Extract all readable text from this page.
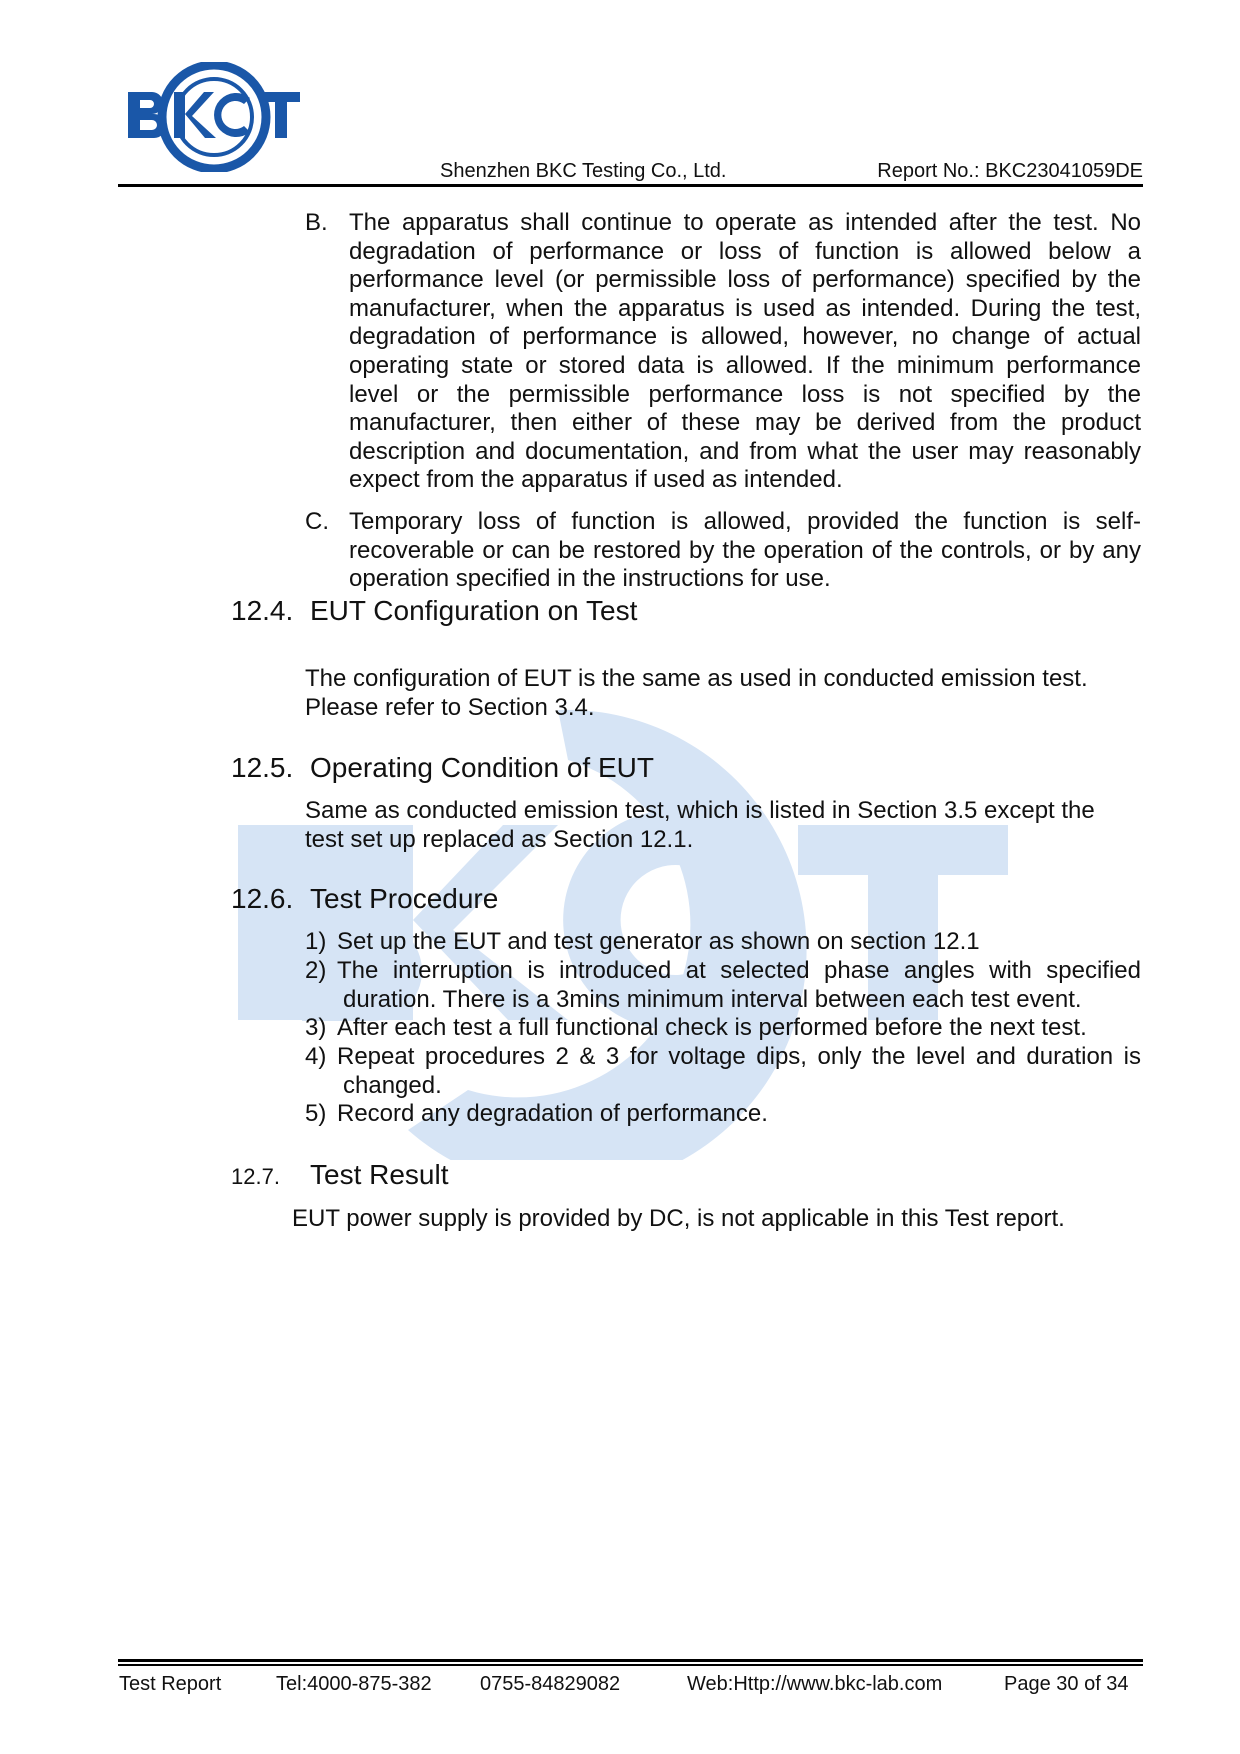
Shenzhen BKC Testing Co., Ltd.	Report No.: BKC23041059DE
B. The apparatus shall continue to operate as intended after the test. No degradation of performance or loss of function is allowed below a performance level (or permissible loss of performance) specified by the manufacturer, when the apparatus is used as intended. During the test, degradation of performance is allowed, however, no change of actual operating state or stored data is allowed. If the minimum performance level or the permissible performance loss is not specified by the manufacturer, then either of these may be derived from the product description and documentation, and from what the user may reasonably expect from the apparatus if used as intended.
C. Temporary loss of function is allowed, provided the function is self-recoverable or can be restored by the operation of the controls, or by any operation specified in the instructions for use.
12.4. EUT Configuration on Test
The configuration of EUT is the same as used in conducted emission test.
Please refer to Section 3.4.
12.5. Operating Condition of EUT
Same as conducted emission test, which is listed in Section 3.5 except the
test set up replaced as Section 12.1.
12.6. Test Procedure
1) Set up the EUT and test generator as shown on section 12.1
2) The interruption is introduced at selected phase angles with specified
duration. There is a 3mins minimum interval between each test event.
3) After each test a full functional check is performed before the next test.
4) Repeat procedures 2 & 3 for voltage dips, only the level and duration is
changed.
5) Record any degradation of performance.
12.7. Test Result
EUT power supply is provided by DC, is not applicable in this Test report.
Test Report	Tel:4000-875-382 0755-84829082	Web:Http://www.bkc-lab.com	Page 30 of 34
